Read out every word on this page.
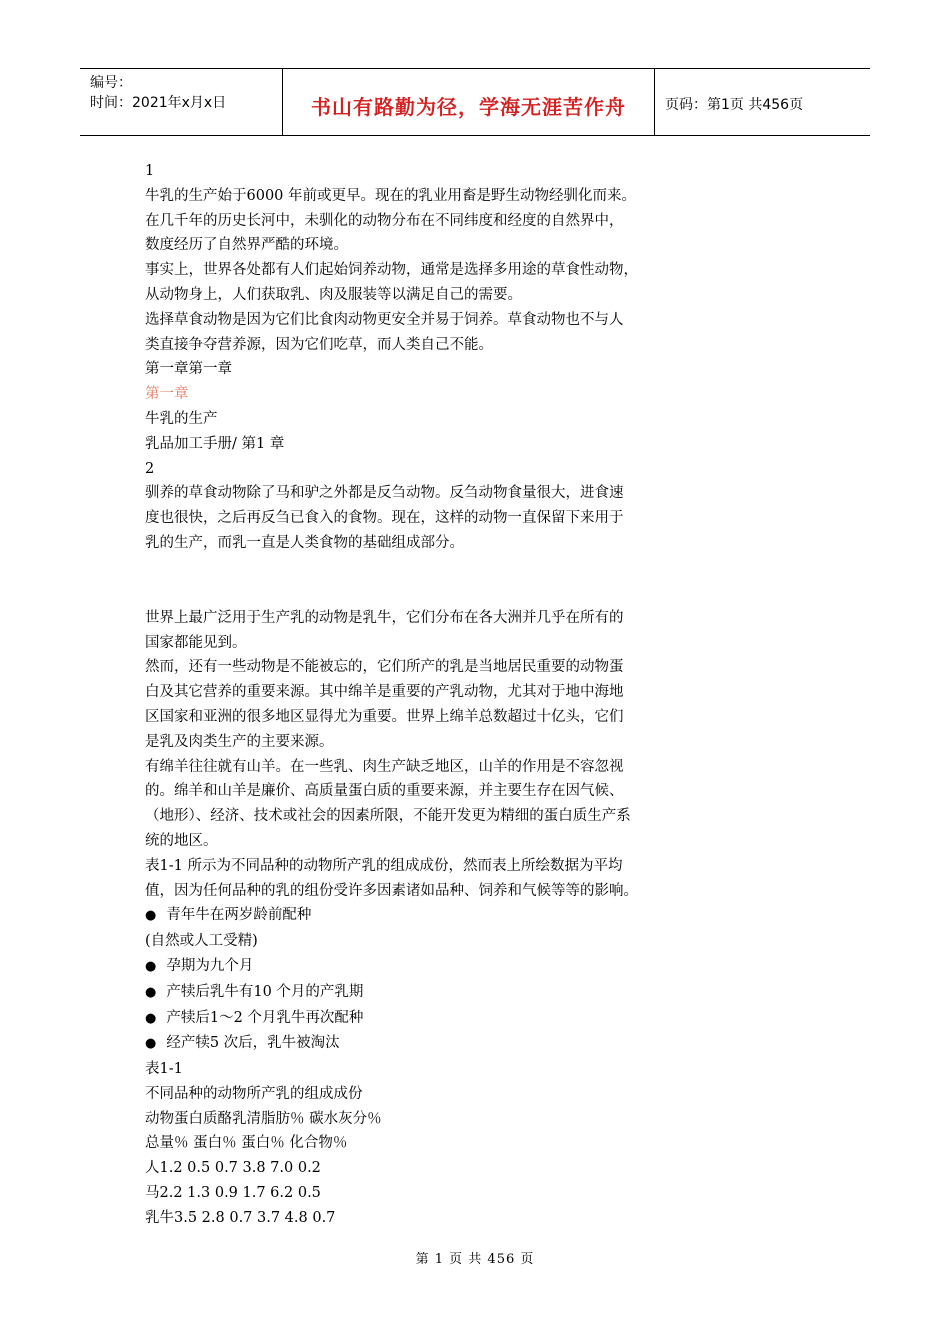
编号：
时间：2021年x月x日	书山有路勤为径，学海无涯苦作舟	页码：第1页 共456页

1

牛乳的生产始于6000 年前或更早。现在的乳业用畜是野生动物经驯化而来。

在几千年的历史长河中，未驯化的动物分布在不同纬度和经度的自然界中，

数度经历了自然界严酷的环境。

事实上，世界各处都有人们起始饲养动物，通常是选择多用途的草食性动物，

从动物身上，人们获取乳、肉及服装等以满足自己的需要。

选择草食动物是因为它们比食肉动物更安全并易于饲养。草食动物也不与人

类直接争夺营养源，因为它们吃草，而人类自己不能。

第一章第一章

第一章

牛乳的生产

乳品加工手册/ 第1 章

2

驯养的草食动物除了马和驴之外都是反刍动物。反刍动物食量很大，进食速

度也很快，之后再反刍已食入的食物。现在，这样的动物一直保留下来用于

乳的生产，而乳一直是人类食物的基础组成部分。

世界上最广泛用于生产乳的动物是乳牛，它们分布在各大洲并几乎在所有的

国家都能见到。

然而，还有一些动物是不能被忘的，它们所产的乳是当地居民重要的动物蛋

白及其它营养的重要来源。其中绵羊是重要的产乳动物，尤其对于地中海地

区国家和亚洲的很多地区显得尤为重要。世界上绵羊总数超过十亿头，它们

是乳及肉类生产的主要来源。

有绵羊往往就有山羊。在一些乳、肉生产缺乏地区，山羊的作用是不容忽视

的。绵羊和山羊是廉价、高质量蛋白质的重要来源，并主要生存在因气候、

（地形）、经济、技术或社会的因素所限，不能开发更为精细的蛋白质生产系

统的地区。

表1-1 所示为不同品种的动物所产乳的组成成份，然而表上所绘数据为平均

值，因为任何品种的乳的组份受许多因素诸如品种、饲养和气候等等的影响。

● 青年牛在两岁龄前配种

(自然或人工受精)

● 孕期为九个月

● 产犊后乳牛有10 个月的产乳期

● 产犊后1～2 个月乳牛再次配种

● 经产犊5 次后，乳牛被淘汰

表1-1

不同品种的动物所产乳的组成成份

动物蛋白质酪乳清脂肪％ 碳水灰分％

总量％ 蛋白％ 蛋白％ 化合物％

人1.2 0.5 0.7 3.8 7.0 0.2

马2.2 1.3 0.9 1.7 6.2 0.5

乳牛3.5 2.8 0.7 3.7 4.8 0.7

第 1 页 共 456 页
